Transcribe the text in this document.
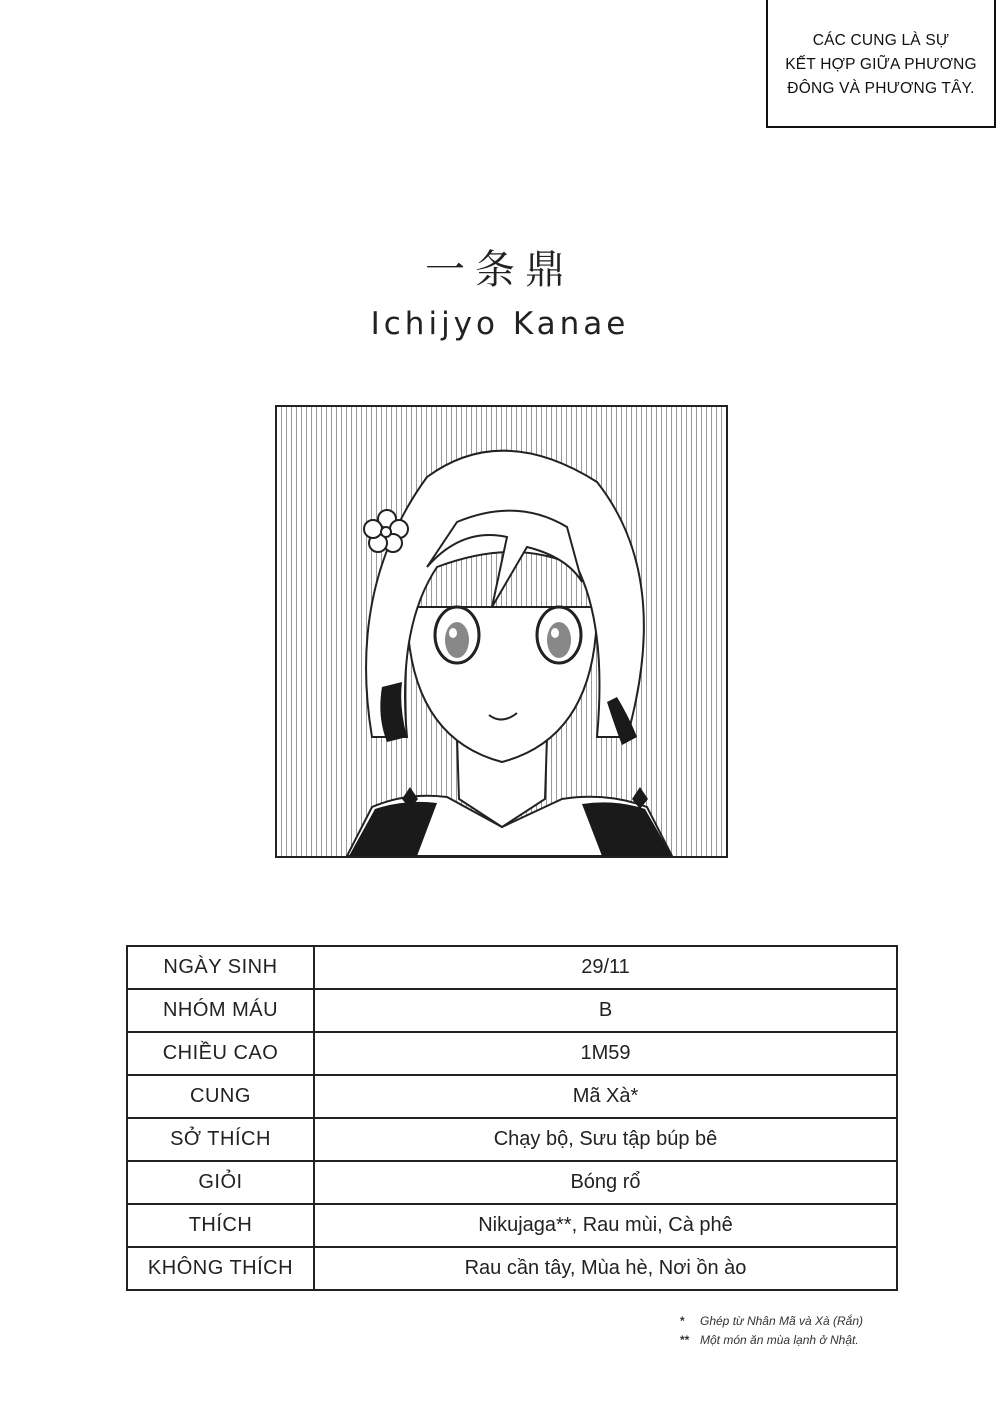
CÁC CUNG LÀ SỰ
KẾT HỢP GIỮA PHƯƠNG
ĐÔNG VÀ PHƯƠNG TÂY.
一条鼎
Ichijyo Kanae
NGÀY SINH	29/11
NHÓM MÁU	B
CHIỀU CAO	1M59
CUNG	Mã Xà*
SỞ THÍCH	Chạy bộ, Sưu tập búp bê
GIỎI	Bóng rổ
THÍCH	Nikujaga**, Rau mùi, Cà phê
KHÔNG THÍCH	Rau cần tây, Mùa hè, Nơi ồn ào
* Ghép từ Nhân Mã và Xà (Rắn)
** Một món ăn mùa lạnh ở Nhật.
